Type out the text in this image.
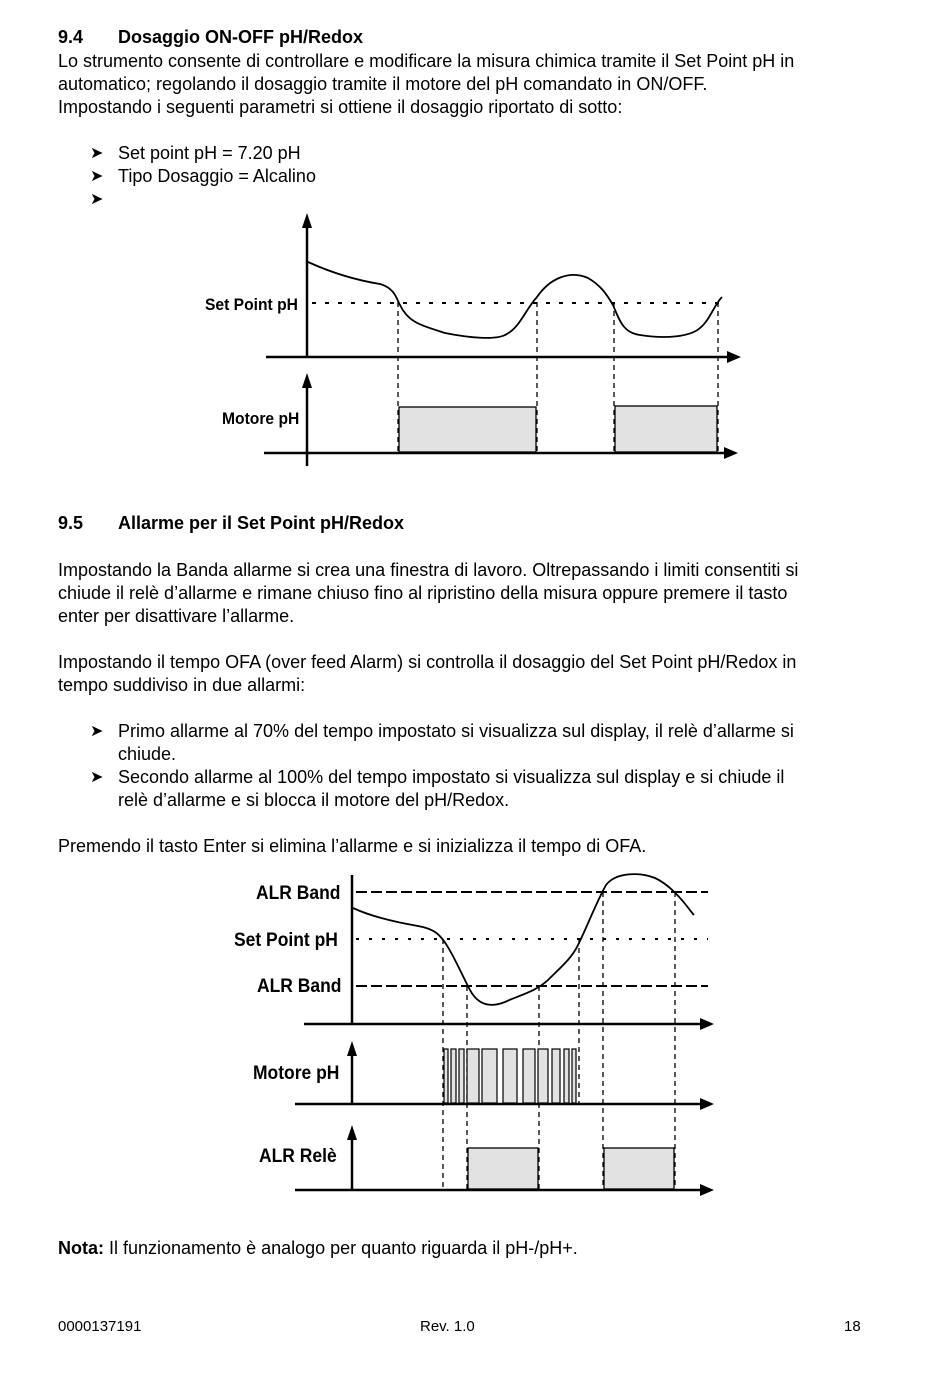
9.4 Dosaggio ON-OFF pH/Redox
Lo strumento consente di controllare e modificare la misura chimica tramite il Set Point pH in
automatico; regolando il dosaggio tramite il motore del pH comandato in ON/OFF.
Impostando i seguenti parametri si ottiene il dosaggio riportato di sotto:
➤ Set point pH = 7.20 pH
➤ Tipo Dosaggio = Alcalino
➤
Set Point pH
Motore pH
9.5 Allarme per il Set Point pH/Redox
Impostando la Banda allarme si crea una finestra di lavoro. Oltrepassando i limiti consentiti si
chiude il relè d’allarme e rimane chiuso fino al ripristino della misura oppure premere il tasto
enter per disattivare l’allarme.
Impostando il tempo OFA (over feed Alarm) si controlla il dosaggio del Set Point pH/Redox in
tempo suddiviso in due allarmi:
➤ Primo allarme al 70% del tempo impostato si visualizza sul display, il relè d’allarme si
chiude.
➤ Secondo allarme al 100% del tempo impostato si visualizza sul display e si chiude il
relè d’allarme e si blocca il motore del pH/Redox.
Premendo il tasto Enter si elimina l’allarme e si inizializza il tempo di OFA.
ALR Band
Set Point pH
ALR Band
Motore pH
ALR Relè
Nota: Il funzionamento è analogo per quanto riguarda il pH-/pH+.
0000137191	Rev. 1.0	18
